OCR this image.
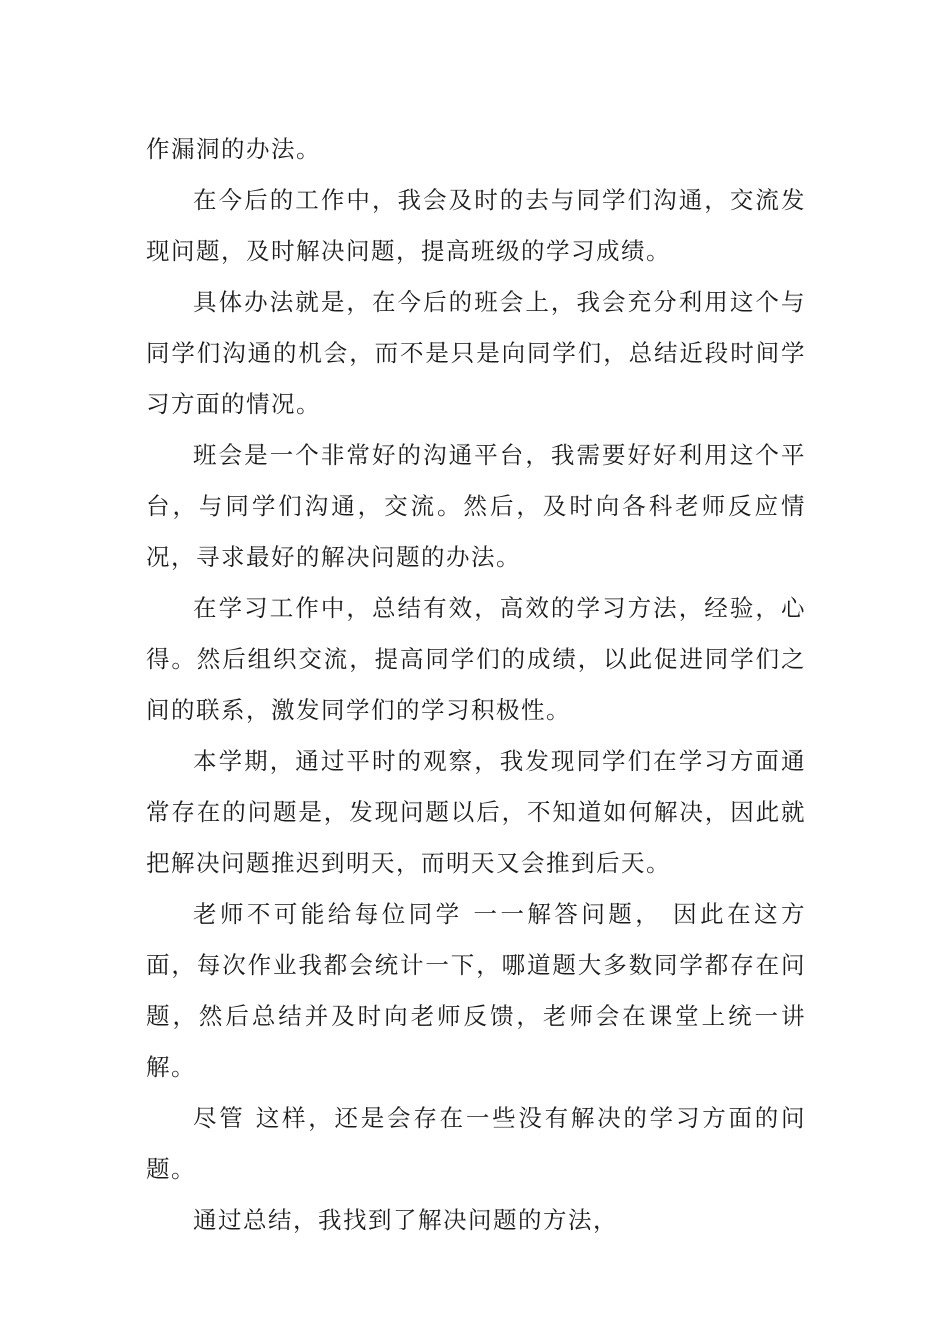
作漏洞的办法。

在今后的工作中，我会及时的去与同学们沟通，交流发现问题，及时解决问题，提高班级的学习成绩。

具体办法就是，在今后的班会上，我会充分利用这个与同学们沟通的机会，而不是只是向同学们，总结近段时间学习方面的情况。

班会是一个非常好的沟通平台，我需要好好利用这个平台，与同学们沟通，交流。然后，及时向各科老师反应情况，寻求最好的解决问题的办法。

在学习工作中，总结有效，高效的学习方法，经验，心得。然后组织交流，提高同学们的成绩，以此促进同学们之间的联系，激发同学们的学习积极性。

本学期，通过平时的观察，我发现同学们在学习方面通常存在的问题是，发现问题以后，不知道如何解决，因此就把解决问题推迟到明天，而明天又会推到后天。

老师不可能给每位同学 一一解答问题， 因此在这方面，每次作业我都会统计一下，哪道题大多数同学都存在问题，然后总结并及时向老师反馈，老师会在课堂上统一讲解。

尽管 这样，还是会存在一些没有解决的学习方面的问题。

通过总结，我找到了解决问题的方法，
